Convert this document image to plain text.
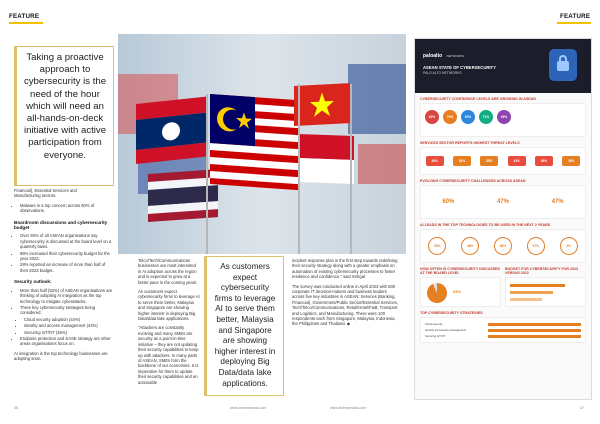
FEATURE	FEATURE
Taking a proactive approach to cybersecurity is the need of the hour which will need an all-hands-on-deck initiative with active participation from everyone.

Financial), Essential Services and
Manufacturing sectors.

• Malware is a top concern across 60% of observations.
Boardroom discussions and cybersecurity budget
• Over 90% of all ASEAN organisations say cybersecurity is discussed at the board level on a quarterly basis.
• 96% increased their cybersecurity budget for the year 2023.
• 28% reported an increase of more than half of their 2023 budget.
Security outlook:
• More than half (53%) of ASEAN organisations are thinking of adopting AI integration as the top technology to mitigate cyberattacks.
• Three key cybersecurity strategies being considered:
• Cloud security adoption (44%)
• Identity and access management (44%)
• Securing IoT/OT (46%)
• Endpoint protection and SASE strategy are other areas organisations focus on.

AI integration is the top technology businesses are adopting soon.

Telco/Tech/Communications businesses are most interested in AI adoption across the region and is expected to grow at a faster pace in the coming years.

As customers expect cybersecurity firms to leverage AI to serve them better, Malaysia and Singapore are showing higher interest in deploying Big Data/data lake applications.

"Attackers are constantly evolving and many SMEs are security as a point-in-time initiative – they are not updating their security capabilities to keep up with attackers. In many parts of ASEAN, SMEs form the backbone of our economies. It is imperative for them to update their security capabilities and an actionable

As customers expect cybersecurity firms to leverage AI to serve them better, Malaysia and Singapore are showing higher interest in deploying Big Data/data lake applications.

incident response plan is the first step towards redefining their security strategy along with a greater emphasis on automation of existing cybersecurity processes to foster resilience and confidence," said Sehgal.

The survey was conducted online in April 2023 with 500 corporate IT decision-makers and business leaders across five key industries in ASEAN: Services (Banking, Financial), Government/Public Sector/Essential Services, Tech/Telco/Communications, Retail/Hotel/F&B, Transport and Logistics, and Manufacturing. There were 100 respondents each from Singapore, Malaysia, Indonesia, the Philippines and Thailand. ◆

paloalto NETWORKS
ASEAN STATE OF CYBERSECURITY
PALO ALTO NETWORKS
CYBERSECURITY CONFIDENCE LEVELS ARE GROWING IN ASEAN
62%	79%	94%	71%	49%
SERVICES SECTOR REPORTS HIGHEST THREAT LEVELS
49%	34%	35%	43%	45%	35%
EVOLVING CYBERSECURITY CHALLENGES ACROSS ASEAN
60%	47%	47%
AI LEADS IN THE TOP TECHNOLOGIES TO BE USED IN THE NEXT 2 YEARS
53%	45%	38%	37%	2%
HOW OFTEN IS CYBERSECURITY DISCUSSED AT THE BOARD LEVEL
93%
BUDGET FOR CYBERSECURITY FOR 2023 VERSUS 2022
TOP CYBERSECURITY STRATEGIES
Cloud security
Identity and access management
Securing IoT/OT
46	www.techwireasia.com	www.techwireasia.com	47
